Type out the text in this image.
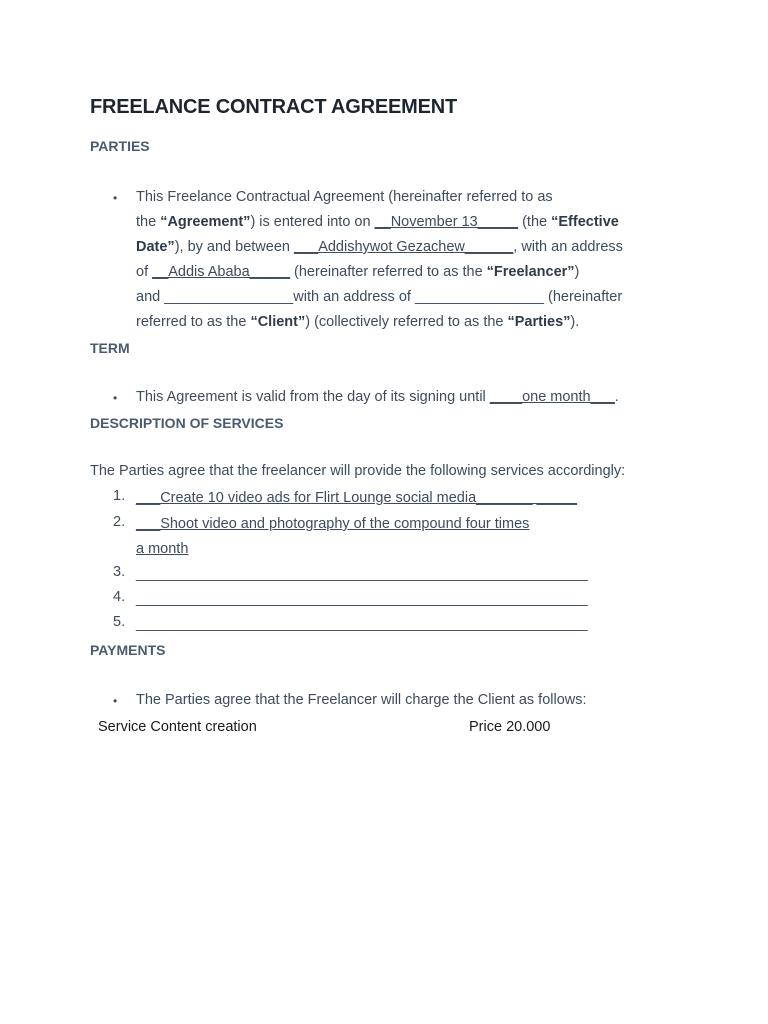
FREELANCE CONTRACT AGREEMENT
PARTIES
• This Freelance Contractual Agreement (hereinafter referred to as
the “Agreement”) is entered into on __November 13_____ (the “Effective
Date”), by and between ___Addishywot Gezachew______, with an address
of __Addis Ababa_____ (hereinafter referred to as the “Freelancer”)
and ________________with an address of ________________ (hereinafter
referred to as the “Client”) (collectively referred to as the “Parties”).
TERM
• This Agreement is valid from the day of its signing until ____one month___.
DESCRIPTION OF SERVICES
The Parties agree that the freelancer will provide the following services accordingly:
1. ___Create 10 video ads for Flirt Lounge social media_______ _____
2. ___Shoot video and photography of the compound four times
a month
3. ________________________________________________________
4. ________________________________________________________
5. ________________________________________________________
PAYMENTS
• The Parties agree that the Freelancer will charge the Client as follows:
Service Content creation	Price 20.000
